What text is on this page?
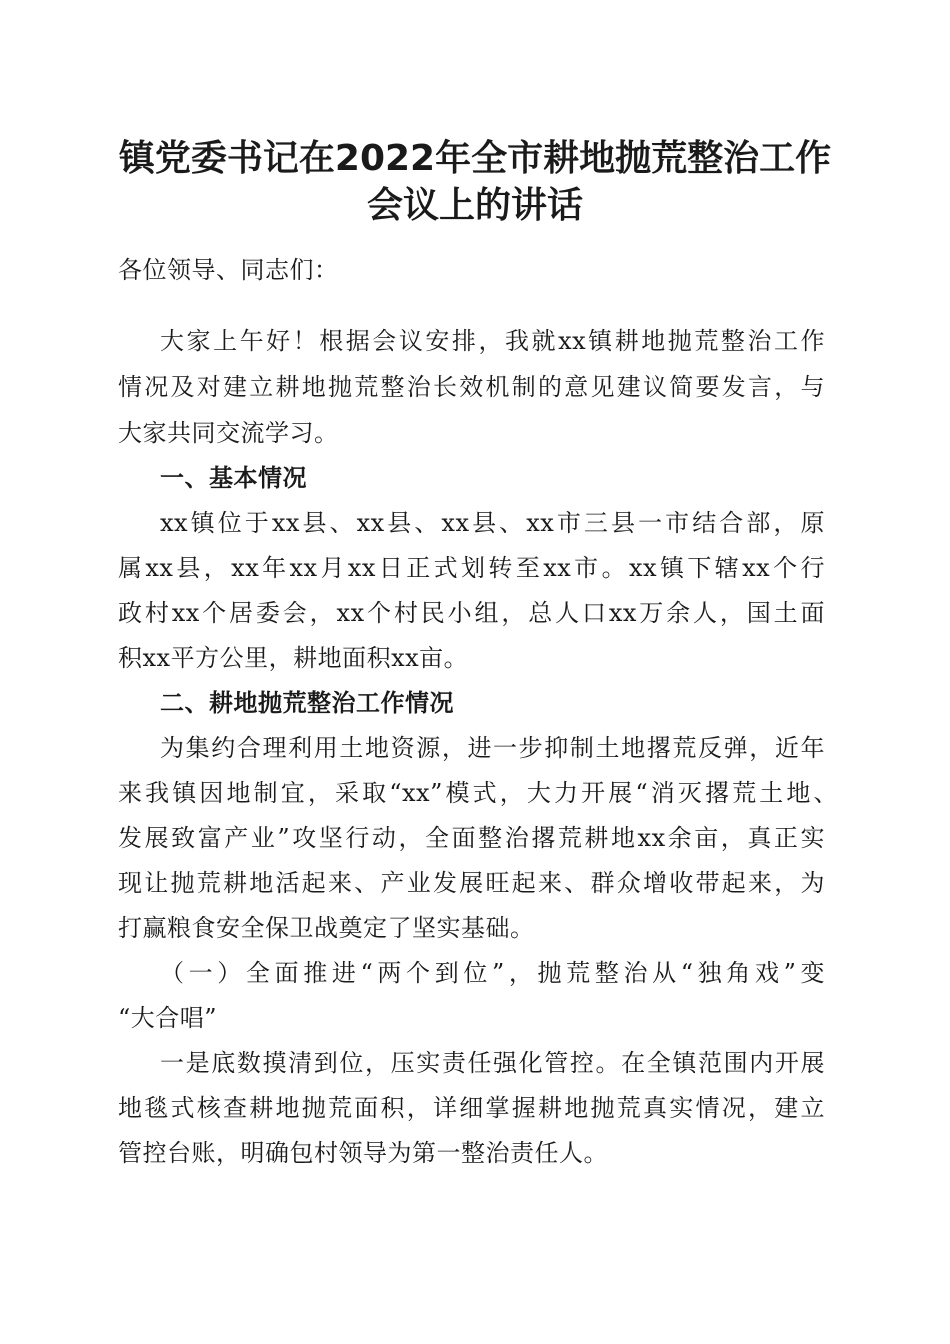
镇党委书记在2022年全市耕地抛荒整治工作
会议上的讲话
各位领导、同志们：
大家上午好！根据会议安排，我就xx镇耕地抛荒整治工作
情况及对建立耕地抛荒整治长效机制的意见建议简要发言，与
大家共同交流学习。
一、基本情况
xx镇位于xx县、xx县、xx县、xx市三县一市结合部，原
属xx县，xx年xx月xx日正式划转至xx市。xx镇下辖xx个行
政村xx个居委会，xx个村民小组，总人口xx万余人，国土面
积xx平方公里，耕地面积xx亩。
二、耕地抛荒整治工作情况
为集约合理利用土地资源，进一步抑制土地撂荒反弹，近年
来我镇因地制宜，采取“xx”模式，大力开展“消灭撂荒土地、
发展致富产业”攻坚行动，全面整治撂荒耕地xx余亩，真正实
现让抛荒耕地活起来、产业发展旺起来、群众增收带起来，为
打赢粮食安全保卫战奠定了坚实基础。
（一）全面推进“两个到位”，抛荒整治从“独角戏”变
“大合唱”
一是底数摸清到位，压实责任强化管控。在全镇范围内开展
地毯式核查耕地抛荒面积，详细掌握耕地抛荒真实情况，建立
管控台账，明确包村领导为第一整治责任人。
